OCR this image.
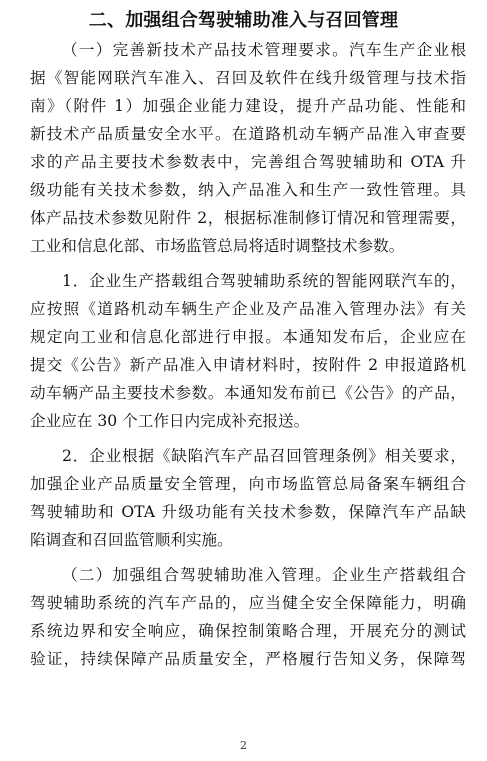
二、加强组合驾驶辅助准入与召回管理
（一）完善新技术产品技术管理要求。汽车生产企业根
据《智能网联汽车准入、召回及软件在线升级管理与技术指
南》（附件 1）加强企业能力建设，提升产品功能、性能和
新技术产品质量安全水平。在道路机动车辆产品准入审查要
求的产品主要技术参数表中，完善组合驾驶辅助和 OTA 升
级功能有关技术参数，纳入产品准入和生产一致性管理。具
体产品技术参数见附件 2，根据标准制修订情况和管理需要，
工业和信息化部、市场监管总局将适时调整技术参数。
1．企业生产搭载组合驾驶辅助系统的智能网联汽车的，
应按照《道路机动车辆生产企业及产品准入管理办法》有关
规定向工业和信息化部进行申报。本通知发布后，企业应在
提交《公告》新产品准入申请材料时，按附件 2 申报道路机
动车辆产品主要技术参数。本通知发布前已《公告》的产品，
企业应在 30 个工作日内完成补充报送。
2．企业根据《缺陷汽车产品召回管理条例》相关要求，
加强企业产品质量安全管理，向市场监管总局备案车辆组合
驾驶辅助和 OTA 升级功能有关技术参数，保障汽车产品缺
陷调查和召回监管顺利实施。
（二）加强组合驾驶辅助准入管理。企业生产搭载组合
驾驶辅助系统的汽车产品的，应当健全安全保障能力，明确
系统边界和安全响应，确保控制策略合理，开展充分的测试
验证，持续保障产品质量安全，严格履行告知义务，保障驾
2
